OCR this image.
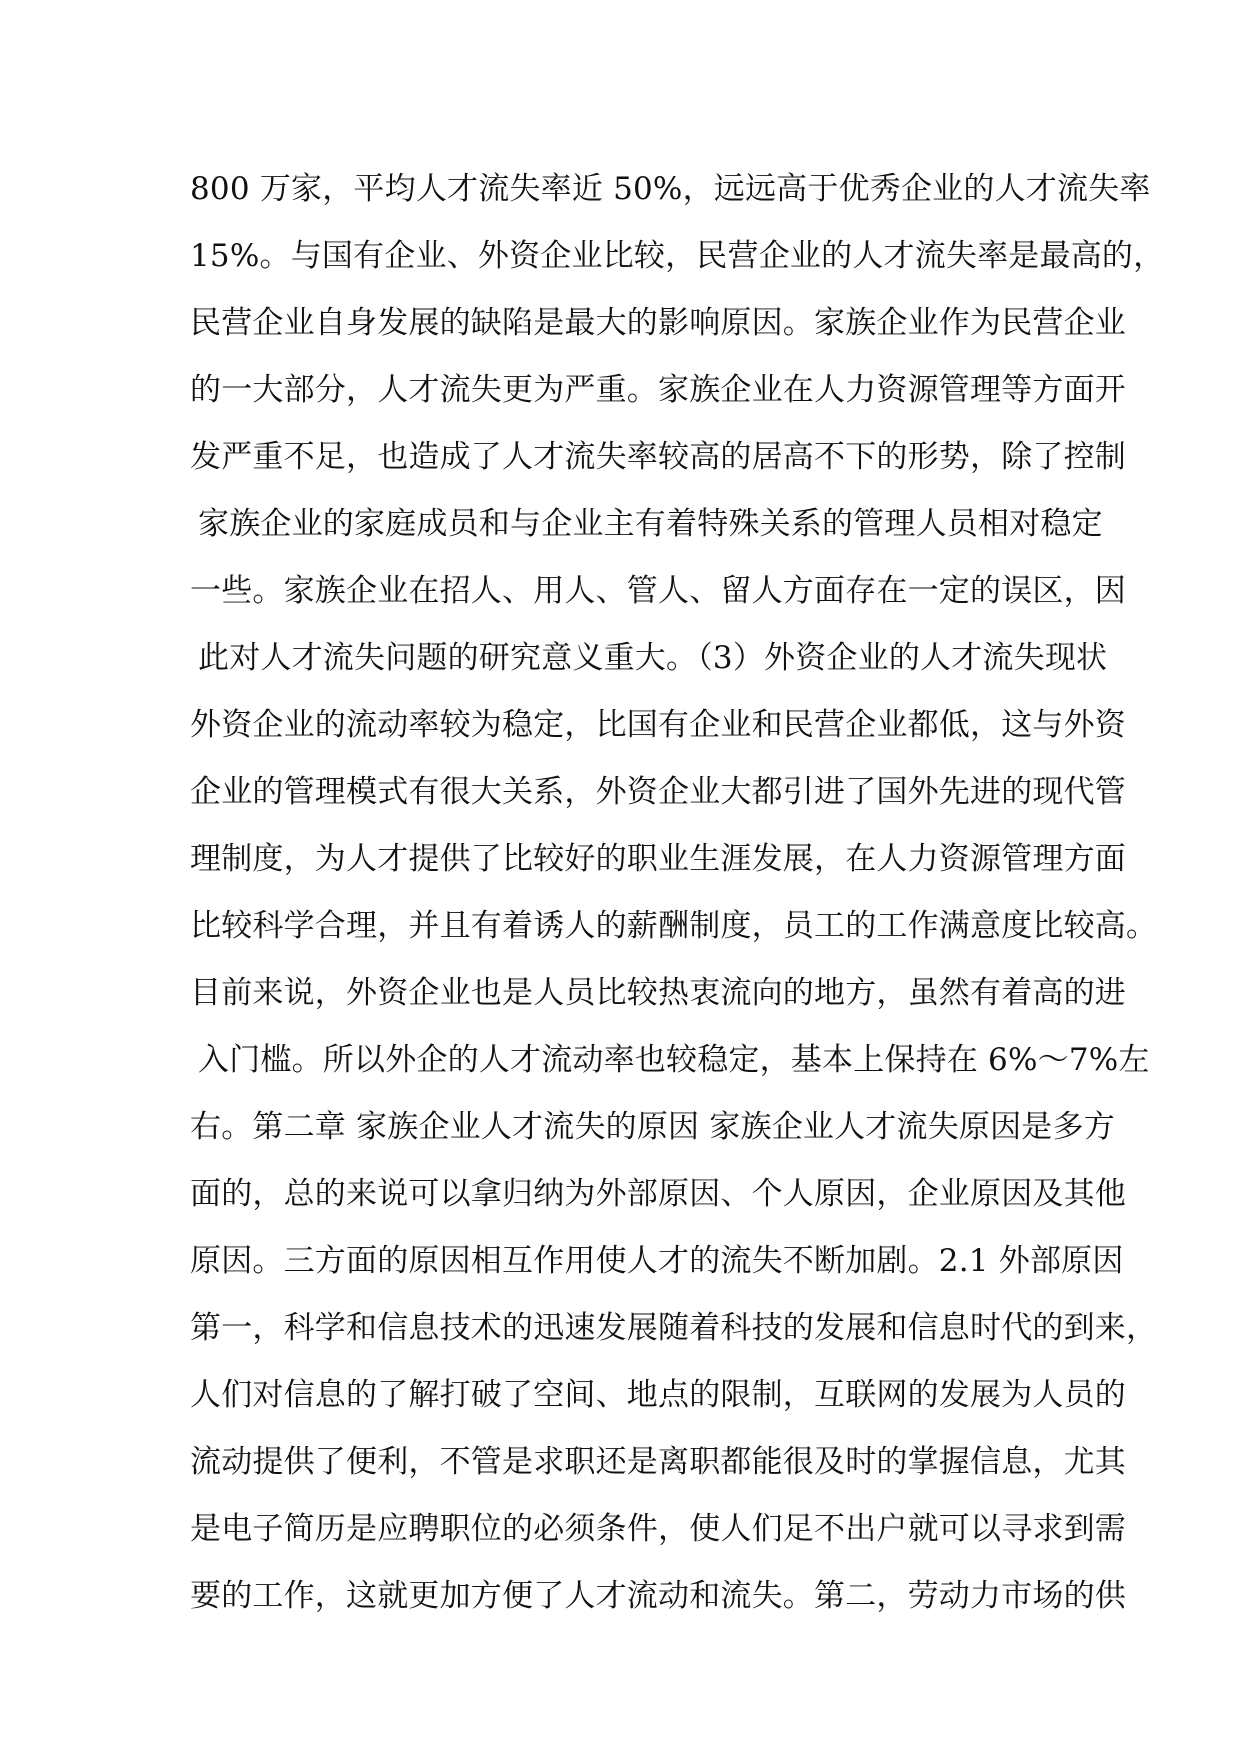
800 万家，平均人才流失率近 50%，远远高于优秀企业的人才流失率
15%。与国有企业、外资企业比较，民营企业的人才流失率是最高的，
民营企业自身发展的缺陷是最大的影响原因。家族企业作为民营企业
的一大部分，人才流失更为严重。家族企业在人力资源管理等方面开
发严重不足，也造成了人才流失率较高的居高不下的形势，除了控制
家族企业的家庭成员和与企业主有着特殊关系的管理人员相对稳定
一些。家族企业在招人、用人、管人、留人方面存在一定的误区，因
此对人才流失问题的研究意义重大。（3）外资企业的人才流失现状
外资企业的流动率较为稳定，比国有企业和民营企业都低，这与外资
企业的管理模式有很大关系，外资企业大都引进了国外先进的现代管
理制度，为人才提供了比较好的职业生涯发展，在人力资源管理方面
比较科学合理，并且有着诱人的薪酬制度，员工的工作满意度比较高。
目前来说，外资企业也是人员比较热衷流向的地方，虽然有着高的进
入门槛。所以外企的人才流动率也较稳定，基本上保持在 6%～7%左
右。第二章 家族企业人才流失的原因 家族企业人才流失原因是多方
面的，总的来说可以拿归纳为外部原因、个人原因，企业原因及其他
原因。三方面的原因相互作用使人才的流失不断加剧。2.1 外部原因
第一，科学和信息技术的迅速发展随着科技的发展和信息时代的到来，
人们对信息的了解打破了空间、地点的限制，互联网的发展为人员的
流动提供了便利，不管是求职还是离职都能很及时的掌握信息，尤其
是电子简历是应聘职位的必须条件，使人们足不出户就可以寻求到需
要的工作，这就更加方便了人才流动和流失。第二，劳动力市场的供
